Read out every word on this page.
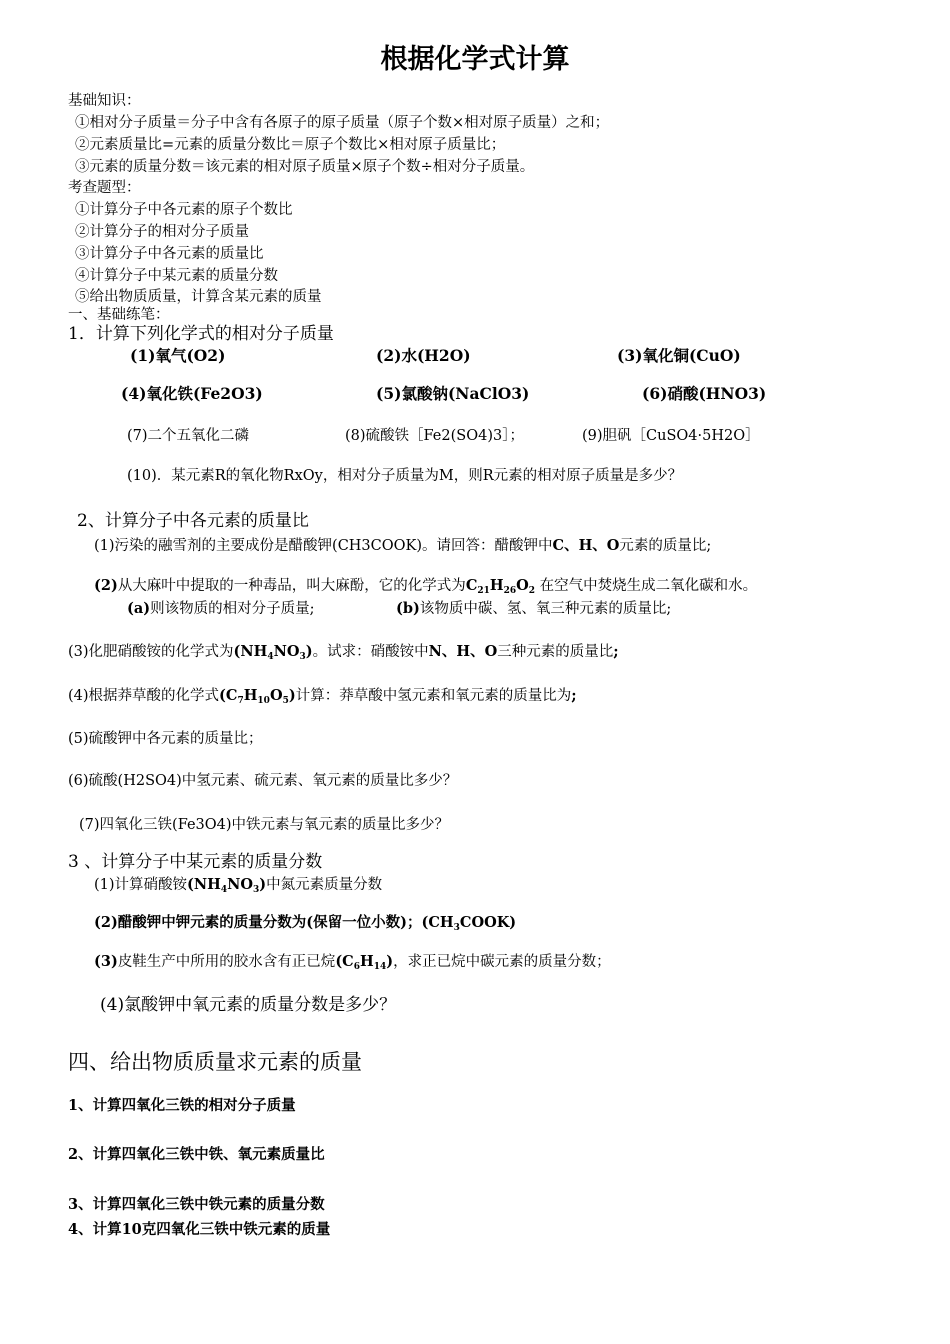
根据化学式计算
基础知识：
①相对分子质量＝分子中含有各原子的原子质量（原子个数×相对原子质量）之和；
②元素质量比=元素的质量分数比＝原子个数比×相对原子质量比；
③元素的质量分数＝该元素的相对原子质量×原子个数÷相对分子质量。
考查题型：
①计算分子中各元素的原子个数比
②计算分子的相对分子质量
③计算分子中各元素的质量比
④计算分子中某元素的质量分数
⑤给出物质质量，计算含某元素的质量
一、基础练笔：
1．计算下列化学式的相对分子质量
(1)氧气(O2)	(2)水(H2O)	(3)氧化铜(CuO)
(4)氧化铁(Fe2O3)	(5)氯酸钠(NaClO3)	(6)硝酸(HNO3)
(7)二个五氧化二磷	(8)硫酸铁［Fe2(SO4)3］；	(9)胆矾［CuSO4·5H2O］
(10)．某元素R的氧化物RxOy，相对分子质量为M，则R元素的相对原子质量是多少？
2、计算分子中各元素的质量比
(1)污染的融雪剂的主要成份是醋酸钾(CH3COOK)。请回答：醋酸钾中C、H、O元素的质量比;
(2)从大麻叶中提取的一种毒品，叫大麻酚，它的化学式为$C_{21}H_{26}O_2$ 在空气中焚烧生成二氧化碳和水。
(a)则该物质的相对分子质量;	(b)该物质中碳、氢、氧三种元素的质量比;
(3)化肥硝酸铵的化学式为$(NH_4NO_3)$。试求：硝酸铵中N、H、O三种元素的质量比;
(4)根据莽草酸的化学式$(C_7H_{10}O_5)$计算：莽草酸中氢元素和氧元素的质量比为;
(5)硫酸钾中各元素的质量比；
(6)硫酸(H2SO4)中氢元素、硫元素、氧元素的质量比多少？
(7)四氧化三铁(Fe3O4)中铁元素与氧元素的质量比多少？
3 、计算分子中某元素的质量分数
(1)计算硝酸铵$(NH_4NO_3)$中氮元素质量分数
(2)醋酸钾中钾元素的质量分数为(保留一位小数)；$(CH_3COOK)$
(3)皮鞋生产中所用的胶水含有正已烷$(C_6H_{14})$，求正已烷中碳元素的质量分数；
(4)氯酸钾中氧元素的质量分数是多少？
四、给出物质质量求元素的质量
1、计算四氧化三铁的相对分子质量
2、计算四氧化三铁中铁、氧元素质量比
3、计算四氧化三铁中铁元素的质量分数
4、计算10克四氧化三铁中铁元素的质量
